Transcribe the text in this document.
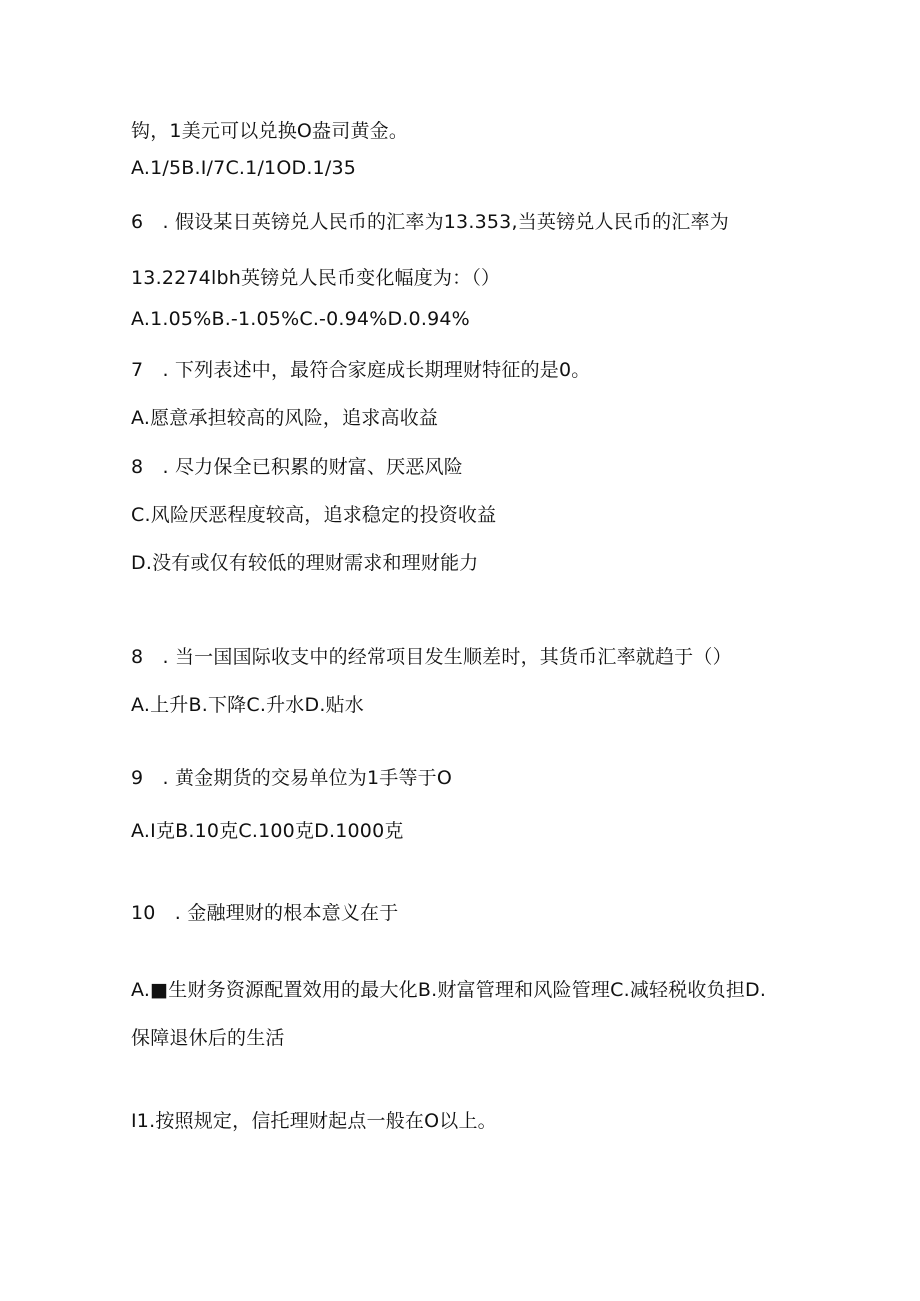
钩，1美元可以兑换O盎司黄金。
A.1/5B.I/7C.1/1OD.1/35
6　. 假设某日英镑兑人民币的汇率为13.353,当英镑兑人民币的汇率为
13.2274lbh英镑兑人民币变化幅度为：（）
A.1.05%B.-1.05%C.-0.94%D.0.94%
7　. 下列表述中，最符合家庭成长期理财特征的是0。
A.愿意承担较高的风险，追求高收益
8　. 尽力保全已积累的财富、厌恶风险
C.风险厌恶程度较高，追求稳定的投资收益
D.没有或仅有较低的理财需求和理财能力
8　. 当一国国际收支中的经常项目发生顺差时，其货币汇率就趋于（）
A.上升B.下降C.升水D.贴水
9　. 黄金期货的交易单位为1手等于O
A.I克B.10克C.100克D.1000克
10　. 金融理财的根本意义在于
A.■生财务资源配置效用的最大化B.财富管理和风险管理C.减轻税收负担D.
保障退休后的生活
I1.按照规定，信托理财起点一般在O以上。
